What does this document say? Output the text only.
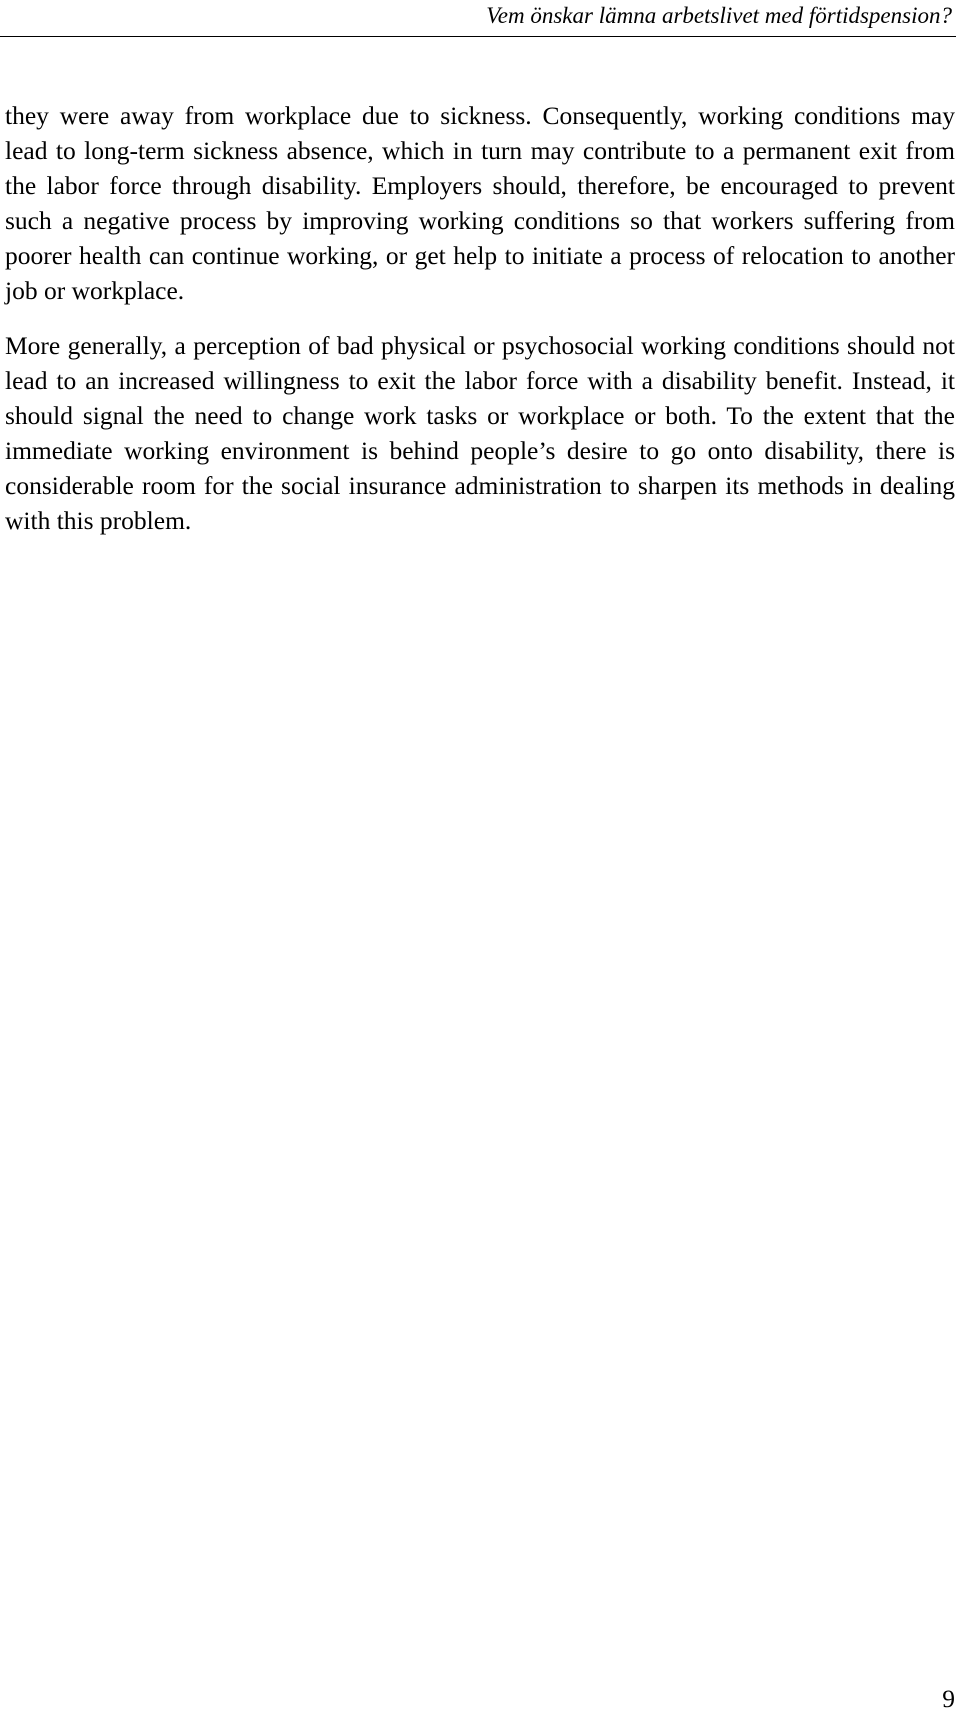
Vem önskar lämna arbetslivet med förtidspension?

they were away from workplace due to sickness. Consequently, working conditions may lead to long-term sickness absence, which in turn may contribute to a permanent exit from the labor force through disability. Employers should, therefore, be encouraged to prevent such a negative process by improving working conditions so that workers suffering from poorer health can continue working, or get help to initiate a process of relocation to another job or workplace.

More generally, a perception of bad physical or psychosocial working conditions should not lead to an increased willingness to exit the labor force with a disability benefit. Instead, it should signal the need to change work tasks or workplace or both. To the extent that the immediate working environment is behind people’s desire to go onto disability, there is considerable room for the social insurance administration to sharpen its methods in dealing with this problem.

9
